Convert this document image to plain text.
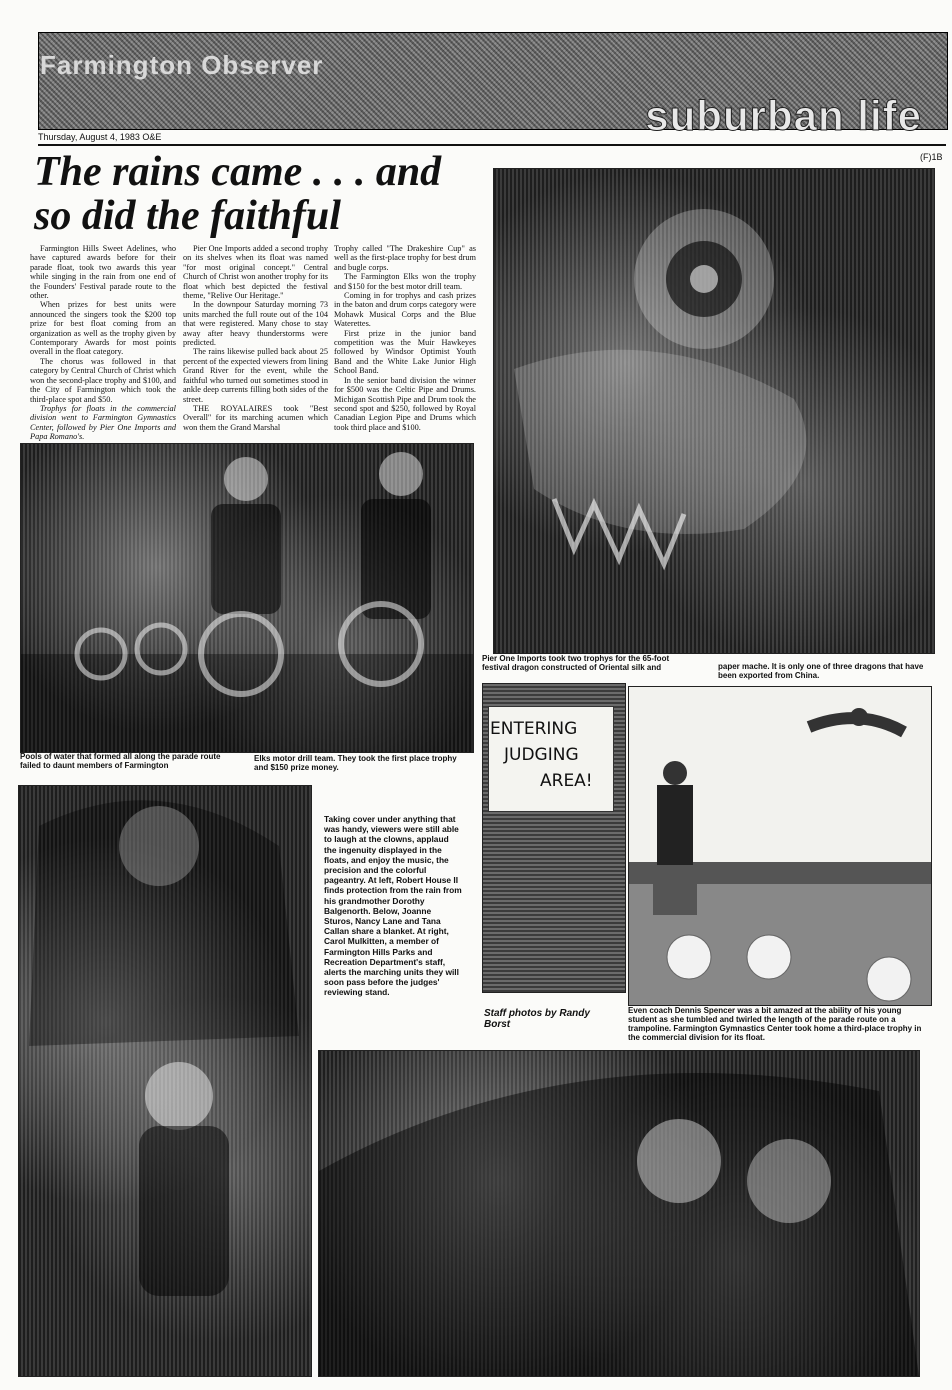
Farmington Observer
suburban life
Thursday, August 4, 1983 O&E
(F)1B
The rains came . . . and so did the faithful

Farmington Hills Sweet Adelines, who have captured awards before for their parade float, took two awards this year while singing in the rain from one end of the Founders' Festival parade route to the other.

When prizes for best units were announced the singers took the $200 top prize for best float coming from an organization as well as the trophy given by Contemporary Awards for most points overall in the float category.

The chorus was followed in that category by Central Church of Christ which won the second-place trophy and $100, and the City of Farmington which took the third-place spot and $50.

Trophys for floats in the commercial division went to Farmington Gymnastics Center, followed by Pier One Imports and Papa Romano's.

Pier One Imports added a second trophy on its shelves when its float was named "for most original concept." Central Church of Christ won another trophy for its float which best depicted the festival theme, "Relive Our Heritage."

In the downpour Saturday morning 73 units marched the full route out of the 104 that were registered. Many chose to stay away after heavy thunderstorms were predicted.

The rains likewise pulled back about 25 percent of the expected viewers from lining Grand River for the event, while the faithful who turned out sometimes stood in ankle deep currents filling both sides of the street.

THE ROYALAIRES took "Best Overall" for its marching acumen which won them the Grand Marshal

Trophy called "The Drakeshire Cup" as well as the first-place trophy for best drum and bugle corps.

The Farmington Elks won the trophy and $150 for the best motor drill team.

Coming in for trophys and cash prizes in the baton and drum corps category were Mohawk Musical Corps and the Blue Waterettes.

First prize in the junior band competition was the Muir Hawkeyes followed by Windsor Optimist Youth Band and the White Lake Junior High School Band.

In the senior band division the winner for $500 was the Celtic Pipe and Drums. Michigan Scottish Pipe and Drum took the second spot and $250, followed by Royal Canadian Legion Pipe and Drums which took third place and $100.

ENTERING
JUDGING
AREA!
Pier One Imports took two trophys for the 65-foot festival dragon constructed of Oriental silk and	paper mache. It is only one of three dragons that have been exported from China.
Pools of water that formed all along the parade route failed to daunt members of Farmington
Elks motor drill team. They took the first place trophy and $150 prize money.
Taking cover under anything that was handy, viewers were still able to laugh at the clowns, applaud the ingenuity displayed in the floats, and enjoy the music, the precision and the colorful pageantry. At left, Robert House II finds protection from the rain from his grandmother Dorothy Balgenorth. Below, Joanne Sturos, Nancy Lane and Tana Callan share a blanket. At right, Carol Mulkitten, a member of Farmington Hills Parks and Recreation Department's staff, alerts the marching units they will soon pass before the judges' reviewing stand.
Staff photos by Randy Borst
Even coach Dennis Spencer was a bit amazed at the ability of his young student as she tumbled and twirled the length of the parade route on a trampoline. Farmington Gymnastics Center took home a third-place trophy in the commercial division for its float.
